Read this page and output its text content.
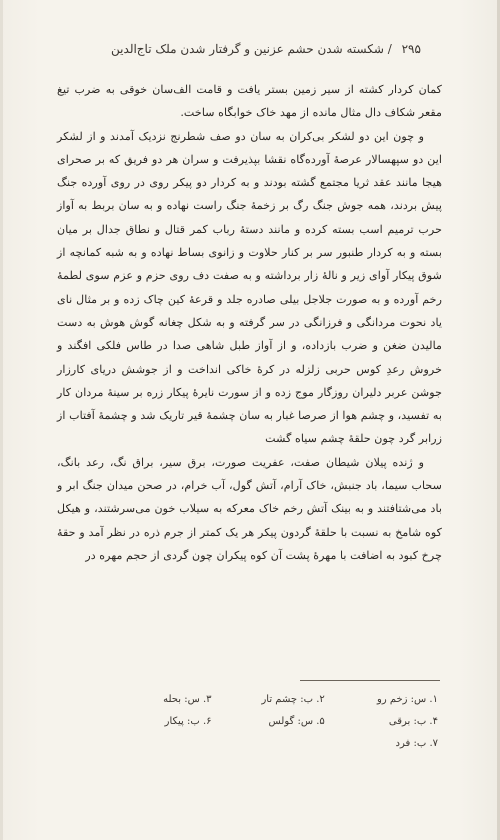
۲۹۵ / شکسته شدن حشم عزنین و گرفتار شدن ملک تاج‌الدین

کمان کردار کشته از سیر زمین بستر یافت و قامت الف‌سان خوقی به ضرب تیغ مقعر شکاف دال مثال مانده از مهد خاک خوابگاه ساخت.

و چون این دو لشکر بی‌کران به سان دو صف شطرنج نزدیک آمدند و از لشکر این دو سپهسالار عرصهٔ آورده‌گاه نقشا بپذیرفت و سران هر دو فریق که بر صحرای هیجا مانند عقد ثریا مجتمع گشته بودند و به کردار دو پیکر روی در روی آورده جنگ پیش بردند، همه جوش جنگ رگ بر زخمهٔ جنگ راست نهاده و به سان بربط به آواز حرب ترمیم اسب بسته کرده و مانند دستهٔ رباب کمر قتال و نطاق جدال بر میان بسته و به کردار طنبور سر بر کنار حلاوت و زانوی بساط نهاده و به شبه کمانچه از شوق پیکار آوای زیر و نالهٔ زار برداشته و به صفت دف روی حزم و عزم سوی لطمهٔ رخم آورده و به صورت جلاجل بیلی صادره جلد و قرعهٔ کین چاک زده و بر مثال نای یاد نحوت مردانگی و فرزانگی در سر گرفته و به شکل چغانه گوش هوش به دست مالیدن ضغن و ضرب بازداده، و از آواز طبل شاهی صدا در طاس فلکی افگند و خروش رعدِ کوس حربی زلزله در کرهٔ خاکی انداخت و از جوشش دریای کارزار جوشن عربر دلیران روزگار موج زده و از سورت نایرهٔ پیکار زره بر سینهٔ مردان کار به تفسید، و چشم هوا از صرصا غبار به سان چشمهٔ قیر تاریک شد و چشمهٔ آفتاب از زرابر گرد چون حلقهٔ چشم سیاه گشت

و ژنده پیلان شیطان صفت، عفریت صورت، برق سیر، براق نگ، رعد بانگ، سحاب سیما، باد جنبش، خاک آرام، آتش گول، آب خرام، در صحن میدان جنگ ابر و باد می‌شتافتند و به بینک آتش رخم خاک معرکه به سیلاب خون می‌سرشتند، و هیکل کوه شامخ به نسبت با حلقهٔ گردون پیکر هر یک کمتر از جرم ذره در نظر آمد و حقهٔ چرخ کبود به اضافت با مهرهٔ پشت آن کوه پیکران چون گردی از حجم مهره در

۱. س: زخم رو
۲. ب: چشم تار
۳. س: بحله
۴. ب: برقی
۵. س: گولس
۶. ب: پیکار
۷. ب: فرد
